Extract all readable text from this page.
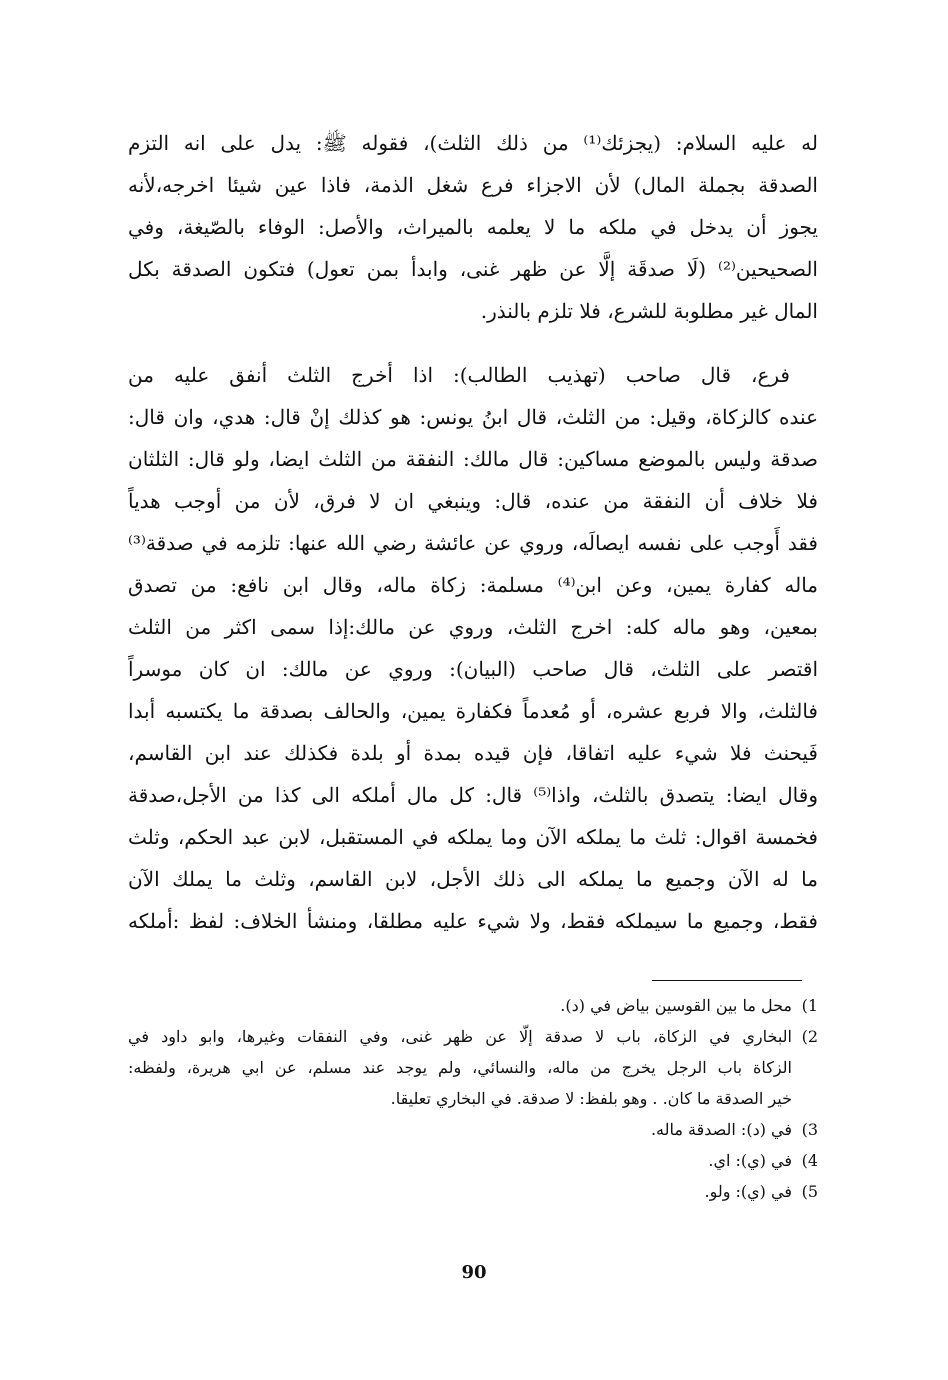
له عليه السلام: (يجزئك⁽¹⁾ من ذلك الثلث)، فقوله ﷺ: يدل على انه التزم
الصدقة بجملة المال) لأن الاجزاء فرع شغل الذمة، فاذا عين شيئا اخرجه،لأنه
يجوز أن يدخل في ملكه ما لا يعلمه بالميراث، والأصل: الوفاء بالصّيغة، وفي
الصحيحين⁽²⁾ (لَا صدقَة إلَّا عن ظهر غنى، وابدأ بمن تعول) فتكون الصدقة بكل
المال غير مطلوبة للشرع، فلا تلزم بالنذر.
فرع، قال صاحب (تهذيب الطالب): اذا أخرج الثلث أنفق عليه من
عنده كالزكاة، وقيل: من الثلث، قال ابنُ يونس: هو كذلك إنْ قال: هدي، وان قال:
صدقة وليس بالموضع مساكين: قال مالك: النفقة من الثلث ايضا، ولو قال: الثلثان
فلا خلاف أن النفقة من عنده، قال: وينبغي ان لا فرق، لأن من أوجب هدياً
فقد أَوجب على نفسه ايصالَه، وروي عن عائشة رضي الله عنها: تلزمه في صدقة⁽³⁾
ماله كفارة يمين، وعن ابن⁽⁴⁾ مسلمة: زكاة ماله، وقال ابن نافع: من تصدق
بمعين، وهو ماله كله: اخرج الثلث، وروي عن مالك:إذا سمى اكثر من الثلث
اقتصر على الثلث، قال صاحب (البيان): وروي عن مالك: ان كان موسراً
فالثلث، والا فربع عشره، أو مُعدماً فكفارة يمين، والحالف بصدقة ما يكتسبه أبدا
فَيحنث فلا شيء عليه اتفاقا، فإن قيده بمدة أو بلدة فكذلك عند ابن القاسم،
وقال ايضا: يتصدق بالثلث، واذا⁽⁵⁾ قال: كل مال أملكه الى كذا من الأجل،صدقة
فخمسة اقوال: ثلث ما يملكه الآن وما يملكه في المستقبل، لابن عبد الحكم، وثلث
ما له الآن وجميع ما يملكه الى ذلك الأجل، لابن القاسم، وثلث ما يملك الآن
فقط، وجميع ما سيملكه فقط، ولا شيء عليه مطلقا، ومنشأ الخلاف: لفظ :أملكه
1)
محل ما بين القوسين بياض في (د).
2)
البخاري في الزكاة، باب لا صدقة إلّا عن ظهر غنى، وفي النفقات وغيرها، وابو داود في
الزكاة باب الرجل يخرج من ماله، والنسائي، ولم يوجد عند مسلم، عن ابي هريرة، ولفظه:
خير الصدقة ما كان. . وهو بلفظ: لا صدقة. في البخاري تعليقا.
3)
في (د): الصدقة ماله.
4)
في (ي): اي.
5)
في (ي): ولو.
90
